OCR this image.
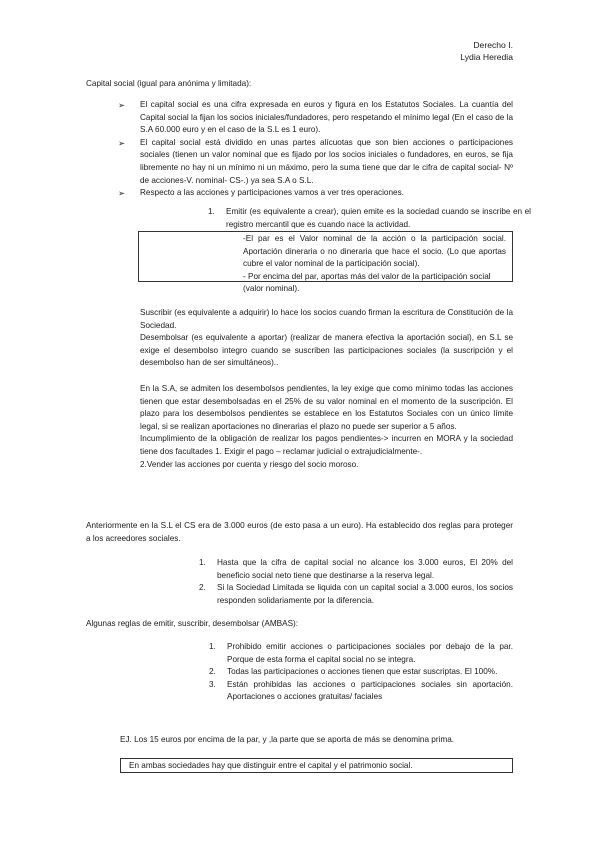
Derecho I.
Lydia Heredia
Capital social (igual para anónima y limitada):
➢ El capital social es una cifra expresada en euros y figura en los Estatutos Sociales. La cuantía del Capital social la fijan los socios iniciales/fundadores, pero respetando el mínimo legal (En el caso de la S.A 60.000 euro y en el caso de la S.L es 1 euro).

➢ El capital social está dividido en unas partes alícuotas que son bien acciones o participaciones sociales (tienen un valor nominal que es fijado por los socios iniciales o fundadores, en euros, se fija libremente no hay ni un mínimo ni un máximo, pero la suma tiene que dar le cifra de capital social- Nº de acciones-V. nominal- CS-.) ya sea S.A o S.L.

➢ Respecto a las acciones y participaciones vamos a ver tres operaciones.

1. Emitir (es equivalente a crear), quien emite es la sociedad cuando se inscribe en el registro mercantil que es cuando nace la actividad.

-El par es el Valor nominal de la acción o la participación social. Aportación dineraria o no dineraria que hace el socio. (Lo que aportas cubre el valor nominal de la participación social).

- Por encima del par, aportas más del valor de la participación social (valor nominal).

Suscribir (es equivalente a adquirir) lo hace los socios cuando firman la escritura de Constitución de la Sociedad.

Desembolsar (es equivalente a aportar) (realizar de manera efectiva la aportación social), en S.L se exige el desembolso integro cuando se suscriben las participaciones sociales (la suscripción y el desembolso han de ser simultáneos)..

En la S.A, se admiten los desembolsos pendientes, la ley exige que como mínimo todas las acciones tienen que estar desembolsadas en el 25% de su valor nominal en el momento de la suscripción. El plazo para los desembolsos pendientes se establece en los Estatutos Sociales con un único límite legal, si se realizan aportaciones no dinerarias el plazo no puede ser superior a 5 años.

Incumplimiento de la obligación de realizar los pagos pendientes-> incurren en MORA y la sociedad tiene dos facultades 1. Exigir el pago – reclamar judicial o extrajudicialmente-.

2.Vender las acciones por cuenta y riesgo del socio moroso.

Anteriormente en la S.L el CS era de 3.000 euros (de esto pasa a un euro). Ha establecido dos reglas para proteger a los acreedores sociales.
1. Hasta que la cifra de capital social no alcance los 3.000 euros, El 20% del beneficio social neto tiene que destinarse a la reserva legal.

2. Si la Sociedad Limitada se liquida con un capital social a 3.000 euros, los socios responden solidariamente por la diferencia.

Algunas reglas de emitir, suscribir, desembolsar (AMBAS):
1. Prohibido emitir acciones o participaciones sociales por debajo de la par. Porque de esta forma el capital social no se integra.

2. Todas las participaciones o acciones tienen que estar suscriptas. El 100%.

3. Están prohibidas las acciones o participaciones sociales sin aportación. Aportaciones o acciones gratuitas/ faciales

EJ. Los 15 euros por encima de la par, y ,la parte que se aporta de más se denomina prima.

En ambas sociedades hay que distinguir entre el capital y el patrimonio social.
